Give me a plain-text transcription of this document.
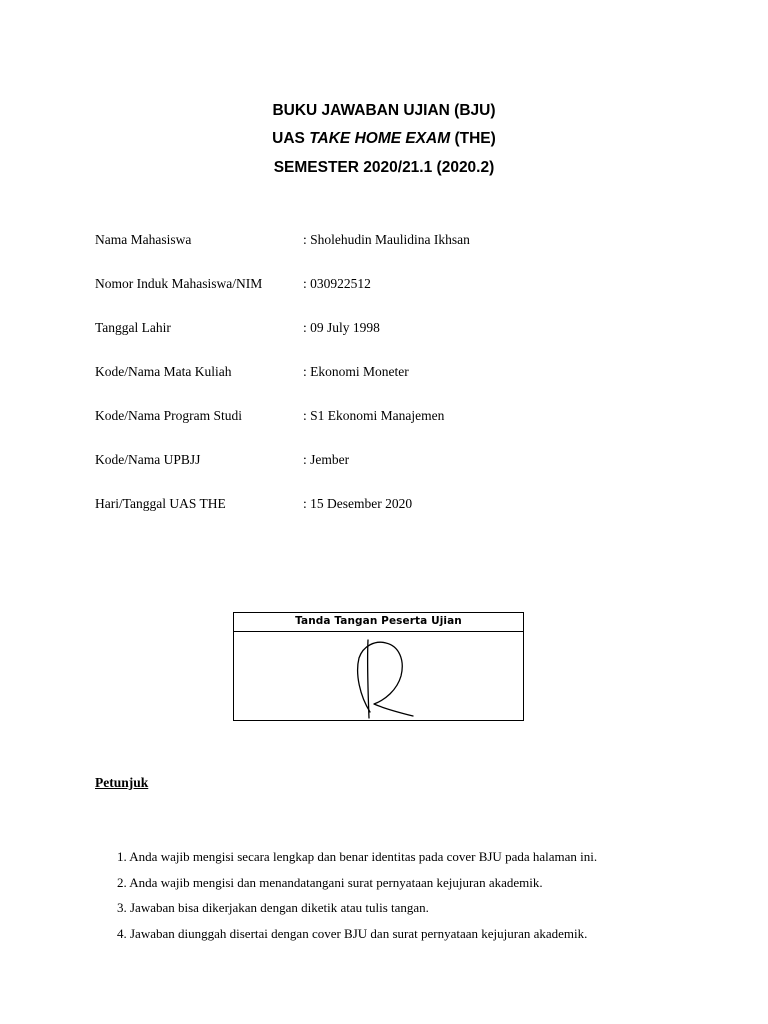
BUKU JAWABAN UJIAN (BJU)
UAS TAKE HOME EXAM (THE)
SEMESTER 2020/21.1 (2020.2)
Nama Mahasiswa	: Sholehudin Maulidina Ikhsan
Nomor Induk Mahasiswa/NIM	: 030922512
Tanggal Lahir	: 09 July 1998
Kode/Nama Mata Kuliah	: Ekonomi Moneter
Kode/Nama Program Studi	: S1 Ekonomi Manajemen
Kode/Nama UPBJJ	: Jember
Hari/Tanggal UAS THE	: 15 Desember 2020
Tanda Tangan Peserta Ujian
Petunjuk
1. Anda wajib mengisi secara lengkap dan benar identitas pada cover BJU pada halaman ini.
2. Anda wajib mengisi dan menandatangani surat pernyataan kejujuran akademik.
3. Jawaban bisa dikerjakan dengan diketik atau tulis tangan.
4. Jawaban diunggah disertai dengan cover BJU dan surat pernyataan kejujuran akademik.
